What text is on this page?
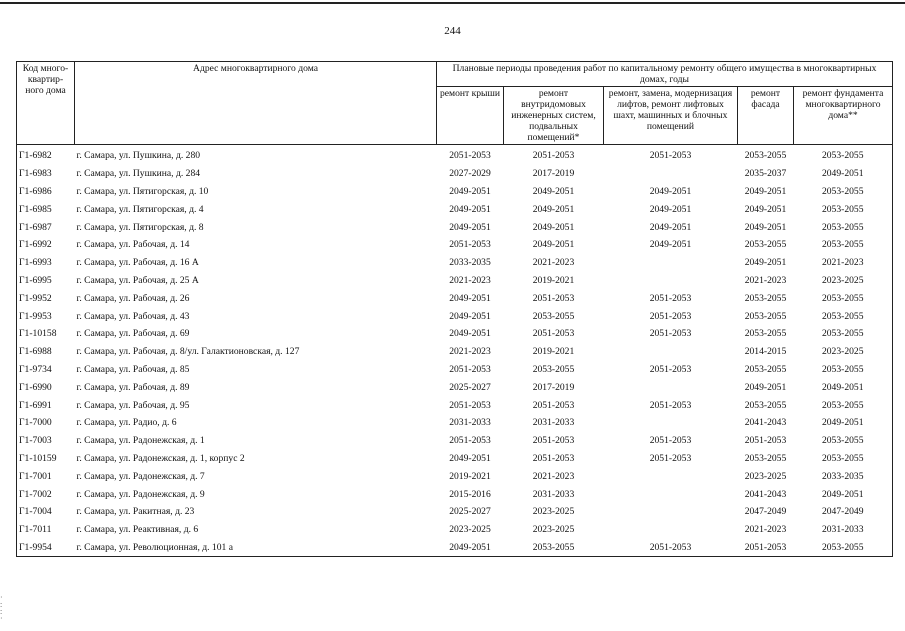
244
Код много-квартир-ного дома	Адрес многоквартирного дома	Плановые периоды проведения работ по капитальному ремонту общего имущества в многоквартирных домах, годы				
		ремонт крыши	ремонт внутридомовых инженерных систем, подвальных помещений*	ремонт, замена, модернизация лифтов, ремонт лифтовых шахт, машинных и блочных помещений	ремонт фасада	ремонт фундамента многоквартирного дома**

Г1-6982	г. Самара, ул. Пушкина, д. 280	2051-2053	2051-2053	2051-2053	2053-2055	2053-2055
Г1-6983	г. Самара, ул. Пушкина, д. 284	2027-2029	2017-2019		2035-2037	2049-2051
Г1-6986	г. Самара, ул. Пятигорская, д. 10	2049-2051	2049-2051	2049-2051	2049-2051	2053-2055
Г1-6985	г. Самара, ул. Пятигорская, д. 4	2049-2051	2049-2051	2049-2051	2049-2051	2053-2055
Г1-6987	г. Самара, ул. Пятигорская, д. 8	2049-2051	2049-2051	2049-2051	2049-2051	2053-2055
Г1-6992	г. Самара, ул. Рабочая, д. 14	2051-2053	2049-2051	2049-2051	2053-2055	2053-2055
Г1-6993	г. Самара, ул. Рабочая, д. 16 А	2033-2035	2021-2023		2049-2051	2021-2023
Г1-6995	г. Самара, ул. Рабочая, д. 25 А	2021-2023	2019-2021		2021-2023	2023-2025
Г1-9952	г. Самара, ул. Рабочая, д. 26	2049-2051	2051-2053	2051-2053	2053-2055	2053-2055
Г1-9953	г. Самара, ул. Рабочая, д. 43	2049-2051	2053-2055	2051-2053	2053-2055	2053-2055
Г1-10158	г. Самара, ул. Рабочая, д. 69	2049-2051	2051-2053	2051-2053	2053-2055	2053-2055
Г1-6988	г. Самара, ул. Рабочая, д. 8/ул. Галактионовская, д. 127	2021-2023	2019-2021		2014-2015	2023-2025
Г1-9734	г. Самара, ул. Рабочая, д. 85	2051-2053	2053-2055	2051-2053	2053-2055	2053-2055
Г1-6990	г. Самара, ул. Рабочая, д. 89	2025-2027	2017-2019		2049-2051	2049-2051
Г1-6991	г. Самара, ул. Рабочая, д. 95	2051-2053	2051-2053	2051-2053	2053-2055	2053-2055
Г1-7000	г. Самара, ул. Радио, д. 6	2031-2033	2031-2033		2041-2043	2049-2051
Г1-7003	г. Самара, ул. Радонежская, д. 1	2051-2053	2051-2053	2051-2053	2051-2053	2053-2055
Г1-10159	г. Самара, ул. Радонежская, д. 1, корпус 2	2049-2051	2051-2053	2051-2053	2053-2055	2053-2055
Г1-7001	г. Самара, ул. Радонежская, д. 7	2019-2021	2021-2023		2023-2025	2033-2035
Г1-7002	г. Самара, ул. Радонежская, д. 9	2015-2016	2031-2033		2041-2043	2049-2051
Г1-7004	г. Самара, ул. Ракитная, д. 23	2025-2027	2023-2025		2047-2049	2047-2049
Г1-7011	г. Самара, ул. Реактивная, д. 6	2023-2025	2023-2025		2021-2023	2031-2033
Г1-9954	г. Самара, ул. Революционная, д. 101 а	2049-2051	2053-2055	2051-2053	2051-2053	2053-2055
·
:
:
·
